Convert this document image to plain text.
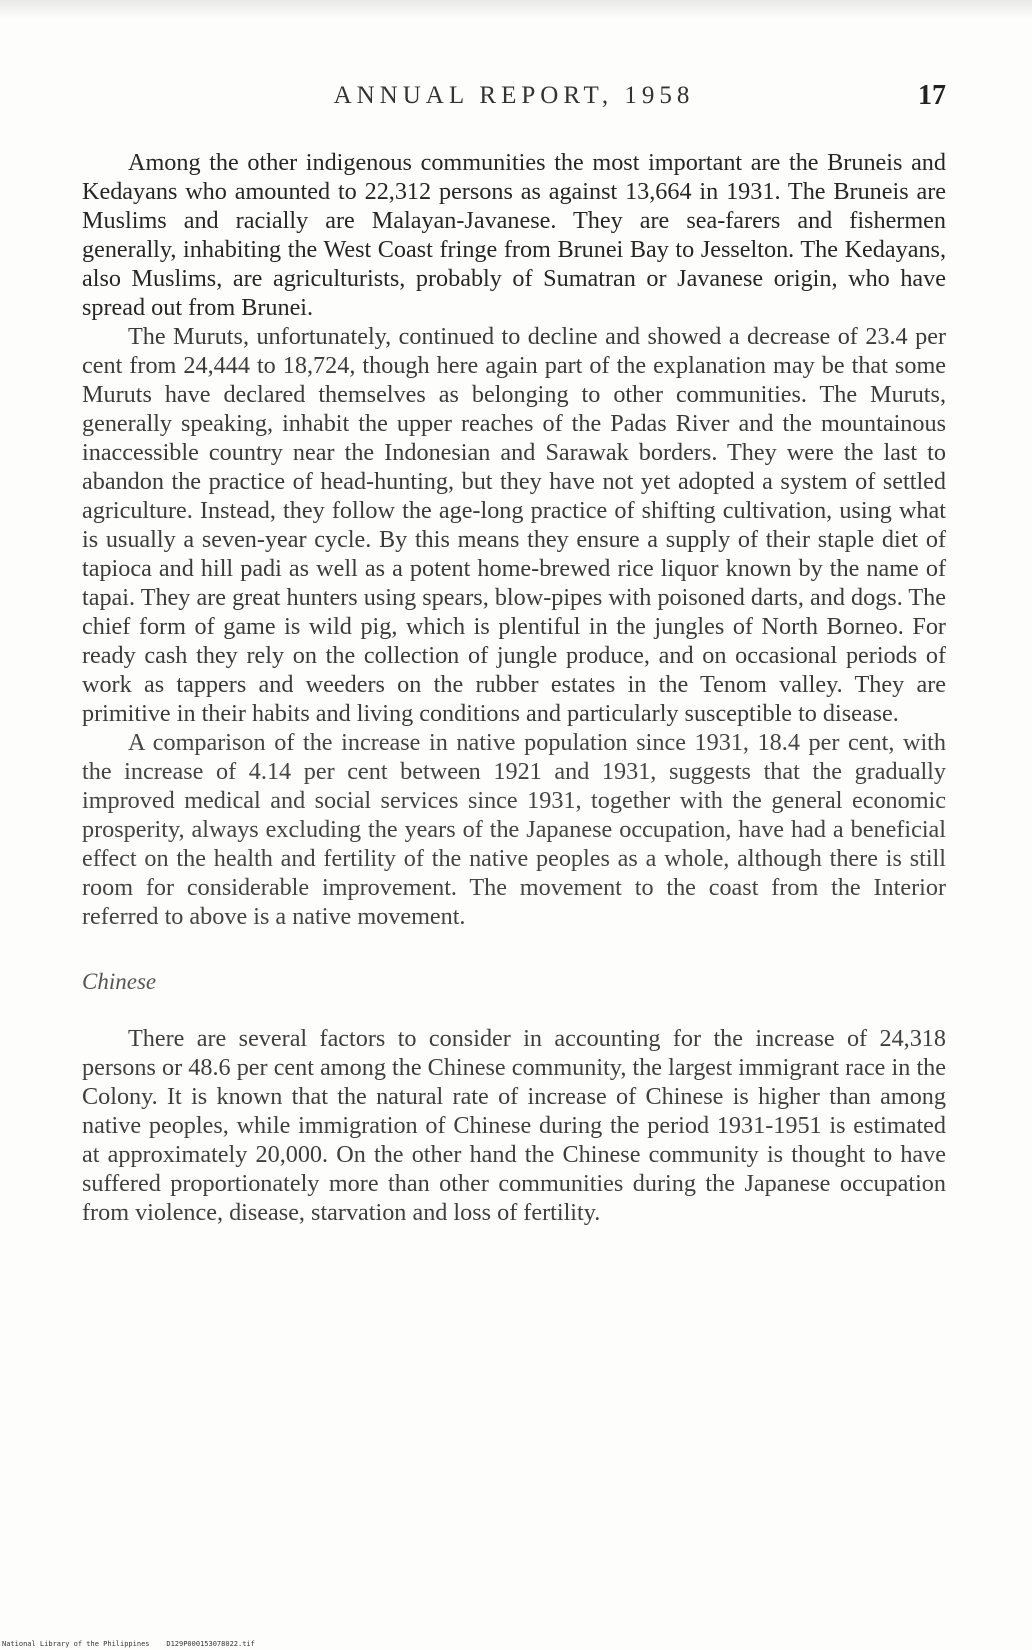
ANNUAL REPORT, 1958	17

Among the other indigenous communities the most important are the Bruneis and Kedayans who amounted to 22,312 persons as against 13,664 in 1931. The Bruneis are Muslims and racially are Malayan-Javanese. They are sea-farers and fishermen generally, inhabiting the West Coast fringe from Brunei Bay to Jesselton. The Kedayans, also Muslims, are agriculturists, probably of Sumatran or Javanese origin, who have spread out from Brunei.

The Muruts, unfortunately, continued to decline and showed a decrease of 23.4 per cent from 24,444 to 18,724, though here again part of the explanation may be that some Muruts have declared themselves as belonging to other communities. The Muruts, generally speaking, inhabit the upper reaches of the Padas River and the mountainous inaccessible country near the Indonesian and Sarawak borders. They were the last to abandon the practice of head-hunting, but they have not yet adopted a system of settled agriculture. Instead, they follow the age-long practice of shifting cultivation, using what is usually a seven-year cycle. By this means they ensure a supply of their staple diet of tapioca and hill padi as well as a potent home-brewed rice liquor known by the name of tapai. They are great hunters using spears, blow-pipes with poisoned darts, and dogs. The chief form of game is wild pig, which is plentiful in the jungles of North Borneo. For ready cash they rely on the collection of jungle produce, and on occasional periods of work as tappers and weeders on the rubber estates in the Tenom valley. They are primitive in their habits and living conditions and particularly susceptible to disease.

A comparison of the increase in native population since 1931, 18.4 per cent, with the increase of 4.14 per cent between 1921 and 1931, suggests that the gradually improved medical and social services since 1931, together with the general economic prosperity, always excluding the years of the Japanese occupation, have had a beneficial effect on the health and fertility of the native peoples as a whole, although there is still room for considerable improvement. The movement to the coast from the Interior referred to above is a native movement.

Chinese

There are several factors to consider in accounting for the increase of 24,318 persons or 48.6 per cent among the Chinese community, the largest immigrant race in the Colony. It is known that the natural rate of increase of Chinese is higher than among native peoples, while immigration of Chinese during the period 1931-1951 is estimated at approximately 20,000. On the other hand the Chinese community is thought to have suffered proportionately more than other communities during the Japanese occupation from violence, disease, starvation and loss of fertility.

National Library of the Philippines    D129P000153078022.tif
